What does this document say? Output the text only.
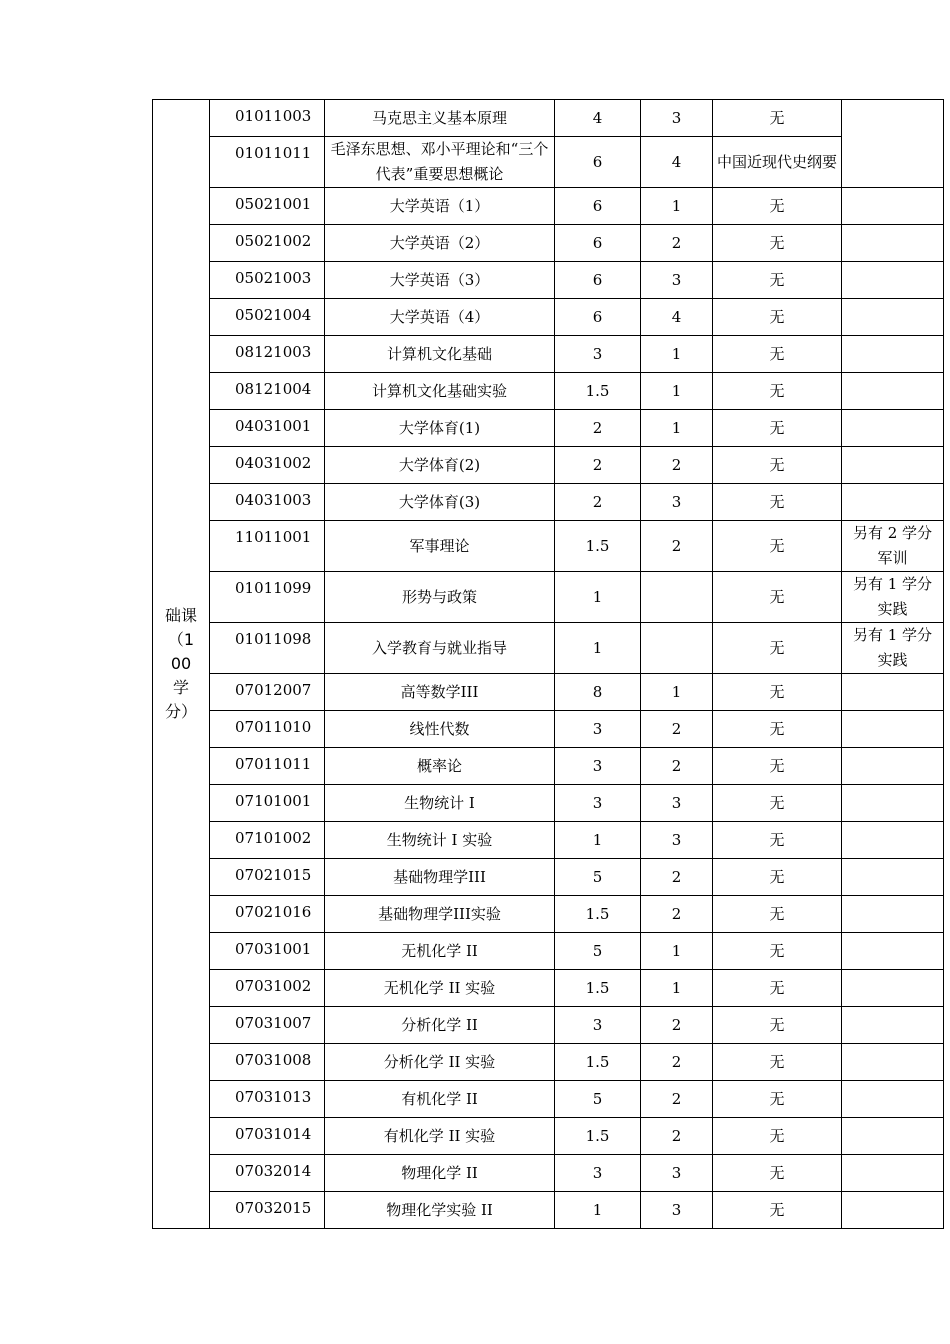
础课（100学分）	01011003	马克思主义基本原理	4	3	无	
	01011011	毛泽东思想、邓小平理论和“三个代表”重要思想概论	6	4	中国近现代史纲要	
	05021001	大学英语（1）	6	1	无	
	05021002	大学英语（2）	6	2	无	
	05021003	大学英语（3）	6	3	无	
	05021004	大学英语（4）	6	4	无	
	08121003	计算机文化基础	3	1	无	
	08121004	计算机文化基础实验	1.5	1	无	
	04031001	大学体育(1)	2	1	无	
	04031002	大学体育(2)	2	2	无	
	04031003	大学体育(3)	2	3	无	
	11011001	军事理论	1.5	2	无	另有 2 学分军训
	01011099	形势与政策	1		无	另有 1 学分实践
	01011098	入学教育与就业指导	1		无	另有 1 学分实践
	07012007	高等数学III	8	1	无	
	07011010	线性代数	3	2	无	
	07011011	概率论	3	2	无	
	07101001	生物统计 I	3	3	无	
	07101002	生物统计 I 实验	1	3	无	
	07021015	基础物理学III	5	2	无	
	07021016	基础物理学III实验	1.5	2	无	
	07031001	无机化学 II	5	1	无	
	07031002	无机化学 II 实验	1.5	1	无	
	07031007	分析化学 II	3	2	无	
	07031008	分析化学 II 实验	1.5	2	无	
	07031013	有机化学 II	5	2	无	
	07031014	有机化学 II 实验	1.5	2	无	
	07032014	物理化学 II	3	3	无	
	07032015	物理化学实验 II	1	3	无	
